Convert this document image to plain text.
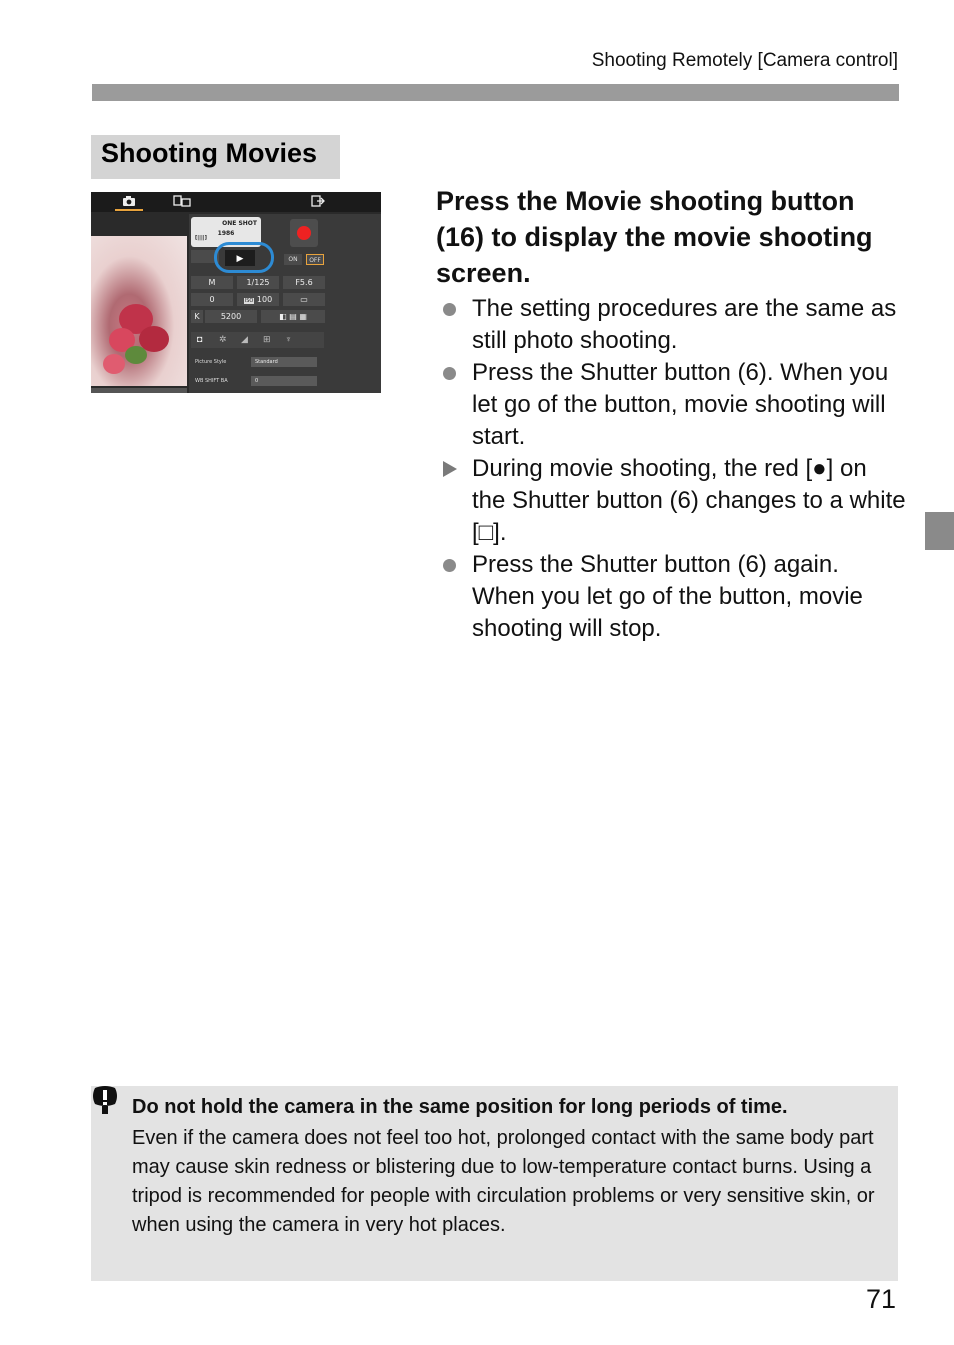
Shooting Remotely [Camera control]
Shooting Movies
ONE SHOT
1986
[||||]
▶	ON	OFF
M	1/125	F5.6
0	ISO 100	▭
K	5200	◧ ▤ ▦
◘ ✲ ◢ ⊞ ♆
Picture Style	Standard
WB SHIFT BA	0
Press the Movie shooting button (16) to display the movie shooting screen.
The setting procedures are the same as still photo shooting.
Press the Shutter button (6). When you let go of the button, movie shooting will start.
During movie shooting, the red [●] on the Shutter button (6) changes to a white [□].
Press the Shutter button (6) again. When you let go of the button, movie shooting will stop.
Do not hold the camera in the same position for long periods of time.
Even if the camera does not feel too hot, prolonged contact with the same body part may cause skin redness or blistering due to low-temperature contact burns. Using a tripod is recommended for people with circulation problems or very sensitive skin, or when using the camera in very hot places.
71
